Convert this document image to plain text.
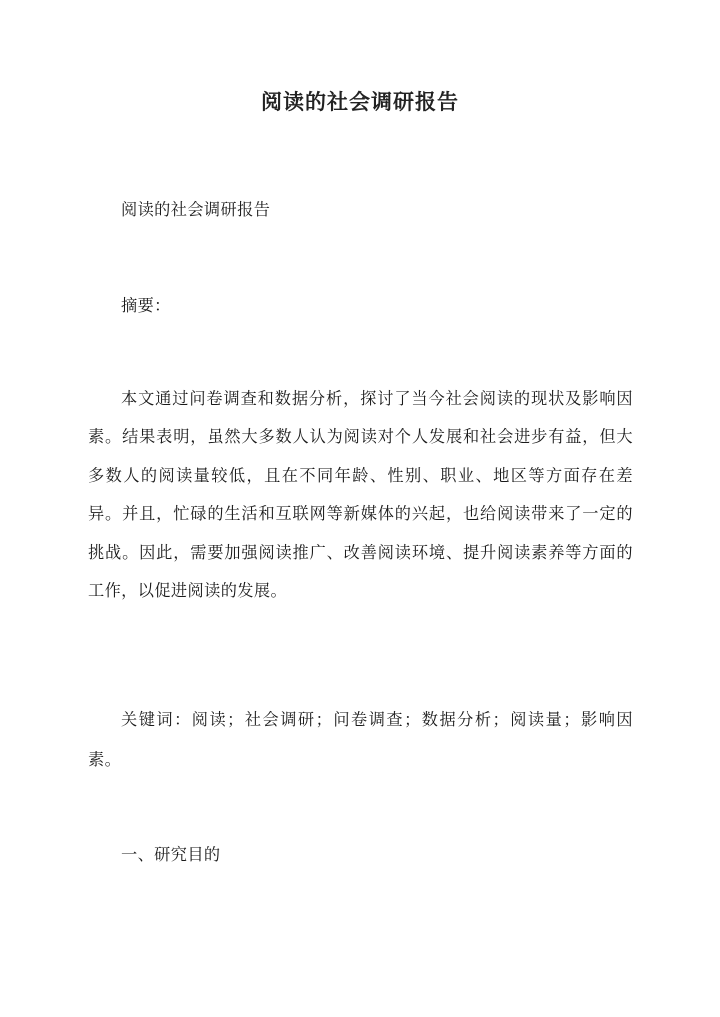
阅读的社会调研报告
阅读的社会调研报告
摘要：
本文通过问卷调查和数据分析，探讨了当今社会阅读的现状及影响因素。结果表明，虽然大多数人认为阅读对个人发展和社会进步有益，但大多数人的阅读量较低，且在不同年龄、性别、职业、地区等方面存在差异。并且，忙碌的生活和互联网等新媒体的兴起，也给阅读带来了一定的挑战。因此，需要加强阅读推广、改善阅读环境、提升阅读素养等方面的工作，以促进阅读的发展。
关键词：阅读；社会调研；问卷调查；数据分析；阅读量；影响因素。
一、研究目的
